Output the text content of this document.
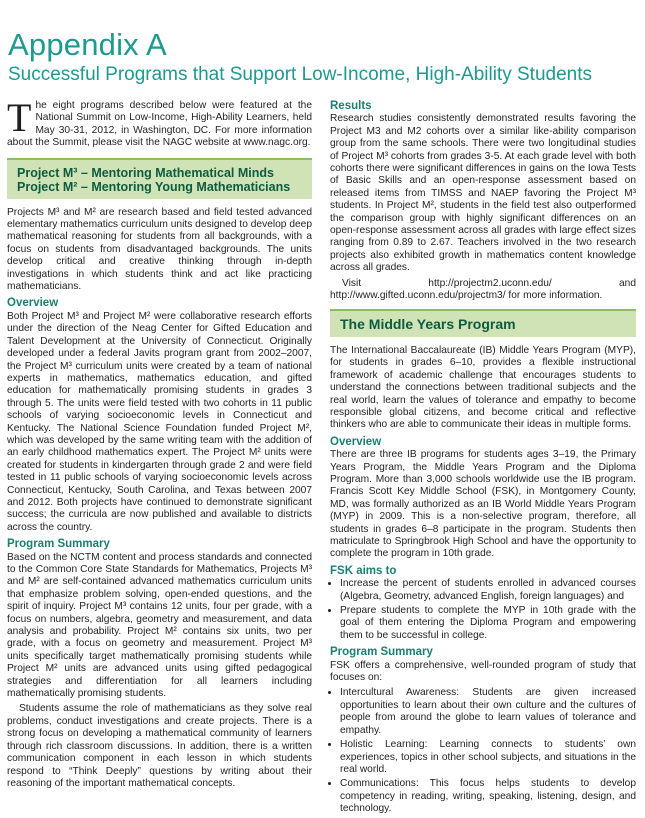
Appendix A
Successful Programs that Support Low-Income, High-Ability Students
T he eight programs described below were featured at the National Summit on Low-Income, High-Ability Learners, held May 30-31, 2012, in Washington, DC. For more information about the Summit, please visit the NAGC website at www.nagc.org.
Project M³ – Mentoring Mathematical Minds
Project M² – Mentoring Young Mathematicians

Projects M³ and M² are research based and field tested advanced elementary mathematics curriculum units designed to develop deep mathematical reasoning for students from all backgrounds, with a focus on students from disadvantaged backgrounds. The units develop critical and creative thinking through in-depth investigations in which students think and act like practicing mathematicians.

Overview

Both Project M³ and Project M² were collaborative research efforts under the direction of the Neag Center for Gifted Education and Talent Development at the University of Connecticut. Originally developed under a federal Javits program grant from 2002–2007, the Project M³ curriculum units were created by a team of national experts in mathematics, mathematics education, and gifted education for mathematically promising students in grades 3 through 5. The units were field tested with two cohorts in 11 public schools of varying socioeconomic levels in Connecticut and Kentucky. The National Science Foundation funded Project M², which was developed by the same writing team with the addition of an early childhood mathematics expert. The Project M² units were created for students in kindergarten through grade 2 and were field tested in 11 public schools of varying socioeconomic levels across Connecticut, Kentucky, South Carolina, and Texas between 2007 and 2012. Both projects have continued to demonstrate significant success; the curricula are now published and available to districts across the country.

Program Summary

Based on the NCTM content and process standards and connected to the Common Core State Standards for Mathematics, Projects M³ and M² are self-contained advanced mathematics curriculum units that emphasize problem solving, open-ended questions, and the spirit of inquiry. Project M³ contains 12 units, four per grade, with a focus on numbers, algebra, geometry and measurement, and data analysis and probability. Project M² contains six units, two per grade, with a focus on geometry and measurement. Project M³ units specifically target mathematically promising students while Project M² units are advanced units using gifted pedagogical strategies and differentiation for all learners including mathematically promising students.

Students assume the role of mathematicians as they solve real problems, conduct investigations and create projects. There is a strong focus on developing a mathematical community of learners through rich classroom discussions. In addition, there is a written communication component in each lesson in which students respond to “Think Deeply” questions by writing about their reasoning of the important mathematical concepts.

Results

Research studies consistently demonstrated results favoring the Project M3 and M2 cohorts over a similar like-ability comparison group from the same schools. There were two longitudinal studies of Project M³ cohorts from grades 3-5. At each grade level with both cohorts there were significant differences in gains on the Iowa Tests of Basic Skills and an open-response assessment based on released items from TIMSS and NAEP favoring the Project M³ students. In Project M², students in the field test also outperformed the comparison group with highly significant differences on an open-response assessment across all grades with large effect sizes ranging from 0.89 to 2.67. Teachers involved in the two research projects also exhibited growth in mathematics content knowledge across all grades.

Visit http://projectm2.uconn.edu/ and http://www.gifted.uconn.edu/projectm3/ for more information.

The Middle Years Program

The International Baccalaureate (IB) Middle Years Program (MYP), for students in grades 6–10, provides a flexible instructional framework of academic challenge that encourages students to understand the connections between traditional subjects and the real world, learn the values of tolerance and empathy to become responsible global citizens, and become critical and reflective thinkers who are able to communicate their ideas in multiple forms.

Overview

There are three IB programs for students ages 3–19, the Primary Years Program, the Middle Years Program and the Diploma Program. More than 3,000 schools worldwide use the IB program. Francis Scott Key Middle School (FSK), in Montgomery County, MD, was formally authorized as an IB World Middle Years Program (MYP) in 2009. This is a non-selective program, therefore, all students in grades 6–8 participate in the program. Students then matriculate to Springbrook High School and have the opportunity to complete the program in 10th grade.

FSK aims to
• Increase the percent of students enrolled in advanced courses (Algebra, Geometry, advanced English, foreign languages) and
• Prepare students to complete the MYP in 10th grade with the goal of them entering the Diploma Program and empowering them to be successful in college.
Program Summary

FSK offers a comprehensive, well-rounded program of study that focuses on:

• Intercultural Awareness: Students are given increased opportunities to learn about their own culture and the cultures of people from around the globe to learn values of tolerance and empathy.
• Holistic Learning: Learning connects to students’ own experiences, topics in other school subjects, and situations in the real world.
• Communications: This focus helps students to develop competency in reading, writing, speaking, listening, design, and technology.
